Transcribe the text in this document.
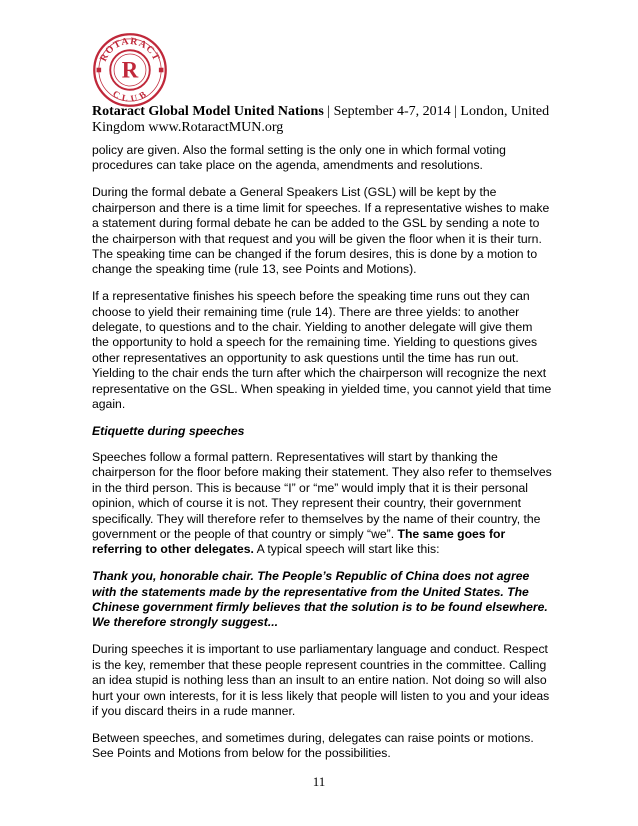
ROTARACT
CLUB
R
Rotaract Global Model United Nations | September 4-7, 2014 | London, United Kingdom www.RotaractMUN.org

policy are given. Also the formal setting is the only one in which formal voting procedures can take place on the agenda, amendments and resolutions.

During the formal debate a General Speakers List (GSL) will be kept by the chairperson and there is a time limit for speeches. If a representative wishes to make a statement during formal debate he can be added to the GSL by sending a note to the chairperson with that request and you will be given the floor when it is their turn. The speaking time can be changed if the forum desires, this is done by a motion to change the speaking time (rule 13, see Points and Motions).

If a representative finishes his speech before the speaking time runs out they can choose to yield their remaining time (rule 14). There are three yields: to another delegate, to questions and to the chair. Yielding to another delegate will give them the opportunity to hold a speech for the remaining time. Yielding to questions gives other representatives an opportunity to ask questions until the time has run out. Yielding to the chair ends the turn after which the chairperson will recognize the next representative on the GSL. When speaking in yielded time, you cannot yield that time again.

Etiquette during speeches

Speeches follow a formal pattern. Representatives will start by thanking the chairperson for the floor before making their statement. They also refer to themselves in the third person. This is because “I” or “me” would imply that it is their personal opinion, which of course it is not. They represent their country, their government specifically. They will therefore refer to themselves by the name of their country, the government or the people of that country or simply “we”. The same goes for referring to other delegates. A typical speech will start like this:

Thank you, honorable chair. The People’s Republic of China does not agree with the statements made by the representative from the United States. The Chinese government firmly believes that the solution is to be found elsewhere. We therefore strongly suggest...

During speeches it is important to use parliamentary language and conduct. Respect is the key, remember that these people represent countries in the committee. Calling an idea stupid is nothing less than an insult to an entire nation. Not doing so will also hurt your own interests, for it is less likely that people will listen to you and your ideas if you discard theirs in a rude manner.

Between speeches, and sometimes during, delegates can raise points or motions. See Points and Motions from below for the possibilities.

11
